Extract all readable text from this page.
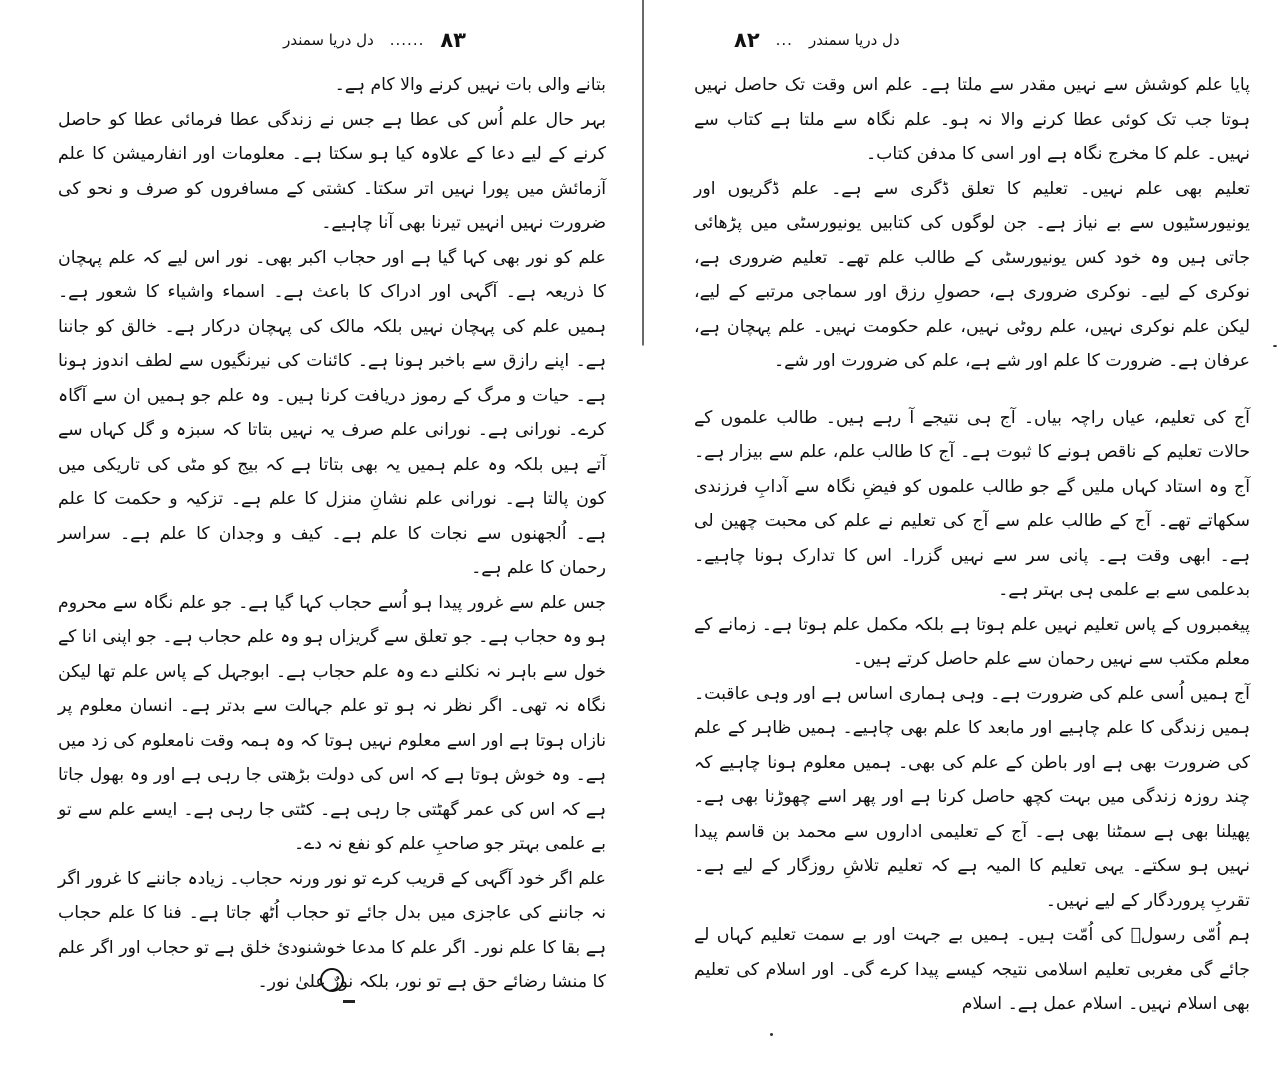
٨٣
......
دل دریا سمندر

بتانے والی بات نہیں کرنے والا کام ہے۔

بہر حال علم اُس کی عطا ہے جس نے زندگی عطا فرمائی عطا کو حاصل کرنے کے لیے دعا کے علاوہ کیا ہو سکتا ہے۔ معلومات اور انفارمیشن کا علم آزمائش میں پورا نہیں اتر سکتا۔ کشتی کے مسافروں کو صرف و نحو کی ضرورت نہیں انہیں تیرنا بھی آنا چاہیے۔

علم کو نور بھی کہا گیا ہے اور حجاب اکبر بھی۔ نور اس لیے کہ علم پہچان کا ذریعہ ہے۔ آگہی اور ادراک کا باعث ہے۔ اسماء واشیاء کا شعور ہے۔ ہمیں علم کی پہچان نہیں بلکہ مالک کی پہچان درکار ہے۔ خالق کو جاننا ہے۔ اپنے رازق سے باخبر ہونا ہے۔ کائنات کی نیرنگیوں سے لطف اندوز ہونا ہے۔ حیات و مرگ کے رموز دریافت کرنا ہیں۔ وہ علم جو ہمیں ان سے آگاہ کرے۔ نورانی ہے۔ نورانی علم صرف یہ نہیں بتاتا کہ سبزہ و گل کہاں سے آتے ہیں بلکہ وہ علم ہمیں یہ بھی بتاتا ہے کہ بیج کو مٹی کی تاریکی میں کون پالتا ہے۔ نورانی علم نشانِ منزل کا علم ہے۔ تزکیہ و حکمت کا علم ہے۔ اُلجھنوں سے نجات کا علم ہے۔ کیف و وجدان کا علم ہے۔ سراسر رحمان کا علم ہے۔

جس علم سے غرور پیدا ہو اُسے حجاب کہا گیا ہے۔ جو علم نگاہ سے محروم ہو وہ حجاب ہے۔ جو تعلق سے گریزاں ہو وہ علم حجاب ہے۔ جو اپنی انا کے خول سے باہر نہ نکلنے دے وہ علم حجاب ہے۔ ابوجہل کے پاس علم تھا لیکن نگاہ نہ تھی۔ اگر نظر نہ ہو تو علم جہالت سے بدتر ہے۔ انسان معلوم پر نازاں ہوتا ہے اور اسے معلوم نہیں ہوتا کہ وہ ہمہ وقت نامعلوم کی زد میں ہے۔ وہ خوش ہوتا ہے کہ اس کی دولت بڑھتی جا رہی ہے اور وہ بھول جاتا ہے کہ اس کی عمر گھٹتی جا رہی ہے۔ کٹتی جا رہی ہے۔ ایسے علم سے تو بے علمی بہتر جو صاحبِ علم کو نفع نہ دے۔

علم اگر خود آگہی کے قریب کرے تو نور ورنہ حجاب۔ زیادہ جاننے کا غرور اگر نہ جاننے کی عاجزی میں بدل جائے تو حجاب اُٹھ جاتا ہے۔ فنا کا علم حجاب ہے بقا کا علم نور۔ اگر علم کا مدعا خوشنودیٔ خلق ہے تو حجاب اور اگر علم کا منشا رضائے حق ہے تو نور، بلکہ نورٌ علیٰ نور۔

دل دریا سمندر
...
٨٢

پایا علم کوشش سے نہیں مقدر سے ملتا ہے۔ علم اس وقت تک حاصل نہیں ہوتا جب تک کوئی عطا کرنے والا نہ ہو۔ علم نگاہ سے ملتا ہے کتاب سے نہیں۔ علم کا مخرج نگاہ ہے اور اسی کا مدفن کتاب۔

تعلیم بھی علم نہیں۔ تعلیم کا تعلق ڈگری سے ہے۔ علم ڈگریوں اور یونیورسٹیوں سے بے نیاز ہے۔ جن لوگوں کی کتابیں یونیورسٹی میں پڑھائی جاتی ہیں وہ خود کس یونیورسٹی کے طالب علم تھے۔ تعلیم ضروری ہے، نوکری کے لیے۔ نوکری ضروری ہے، حصولِ رزق اور سماجی مرتبے کے لیے، لیکن علم نوکری نہیں، علم روٹی نہیں، علم حکومت نہیں۔ علم پہچان ہے، عرفان ہے۔ ضرورت کا علم اور شے ہے، علم کی ضرورت اور شے۔

آج کی تعلیم، عیاں راچہ بیاں۔ آج ہی نتیجے آ رہے ہیں۔ طالب علموں کے حالات تعلیم کے ناقص ہونے کا ثبوت ہے۔ آج کا طالب علم، علم سے بیزار ہے۔ آج وہ استاد کہاں ملیں گے جو طالب علموں کو فیضِ نگاہ سے آدابِ فرزندی سکھاتے تھے۔ آج کے طالب علم سے آج کی تعلیم نے علم کی محبت چھین لی ہے۔ ابھی وقت ہے۔ پانی سر سے نہیں گزرا۔ اس کا تدارک ہونا چاہیے۔ بدعلمی سے بے علمی ہی بہتر ہے۔

پیغمبروں کے پاس تعلیم نہیں علم ہوتا ہے بلکہ مکمل علم ہوتا ہے۔ زمانے کے معلم مکتب سے نہیں رحمان سے علم حاصل کرتے ہیں۔

آج ہمیں اُسی علم کی ضرورت ہے۔ وہی ہماری اساس ہے اور وہی عاقبت۔ ہمیں زندگی کا علم چاہیے اور مابعد کا علم بھی چاہیے۔ ہمیں ظاہر کے علم کی ضرورت بھی ہے اور باطن کے علم کی بھی۔ ہمیں معلوم ہونا چاہیے کہ چند روزہ زندگی میں بہت کچھ حاصل کرنا ہے اور پھر اسے چھوڑنا بھی ہے۔ پھیلنا بھی ہے سمٹنا بھی ہے۔ آج کے تعلیمی اداروں سے محمد بن قاسم پیدا نہیں ہو سکتے۔ یہی تعلیم کا المیہ ہے کہ تعلیم تلاشِ روزگار کے لیے ہے۔ تقربِ پروردگار کے لیے نہیں۔

ہم اُمّی رسولؐ کی اُمّت ہیں۔ ہمیں بے جہت اور بے سمت تعلیم کہاں لے جائے گی مغربی تعلیم اسلامی نتیجہ کیسے پیدا کرے گی۔ اور اسلام کی تعلیم بھی اسلام نہیں۔ اسلام عمل ہے۔ اسلام
